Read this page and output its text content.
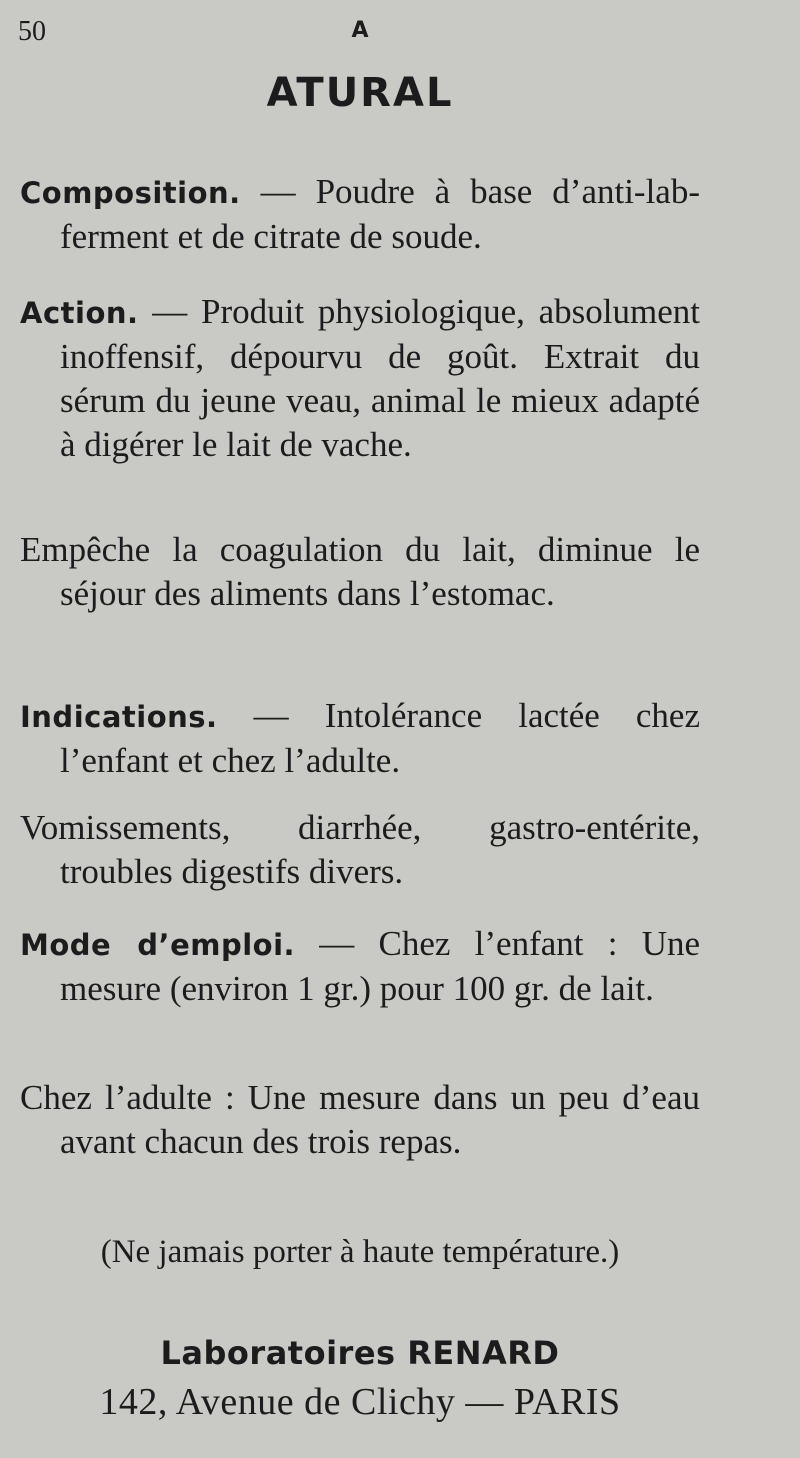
50	A
ATURAL
Composition. — Poudre à base d’anti-lab-ferment et de citrate de soude.
Action. — Produit physiologique, absolument inoffensif, dépourvu de goût. Extrait du sérum du jeune veau, animal le mieux adapté à digérer le lait de vache.
Empêche la coagulation du lait, diminue le séjour des aliments dans l’estomac.
Indications. — Intolérance lactée chez l’enfant et chez l’adulte.
Vomissements, diarrhée, gastro-entérite, troubles digestifs divers.
Mode d’emploi. — Chez l’enfant : Une mesure (environ 1 gr.) pour 100 gr. de lait.
Chez l’adulte : Une mesure dans un peu d’eau avant chacun des trois repas.
(Ne jamais porter à haute température.)
Laboratoires RENARD
142, Avenue de Clichy — PARIS
